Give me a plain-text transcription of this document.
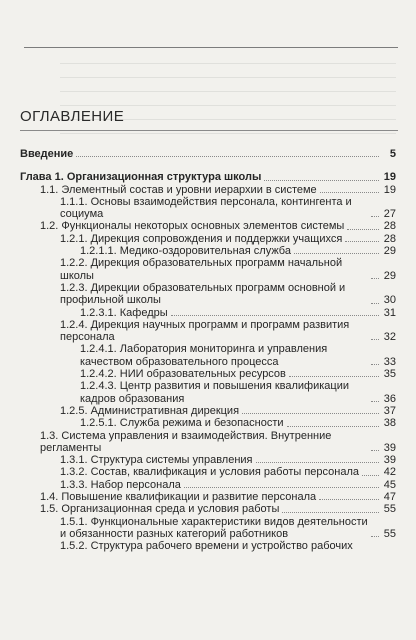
ОГЛАВЛЕНИЕ
Введение	5
Глава 1. Организационная структура школы	19
1.1. Элементный состав и уровни иерархии в системе	19
1.1.1. Основы взаимодействия персонала, контингента и социума	27
1.2. Функционалы некоторых основных элементов системы	28
1.2.1. Дирекция сопровождения и поддержки учащихся	28
1.2.1.1. Медико-оздоровительная служба	29
1.2.2. Дирекция образовательных программ начальной школы	29
1.2.3. Дирекции образовательных программ основной и профильной школы	30
1.2.3.1. Кафедры	31
1.2.4. Дирекция научных программ и программ развития персонала	32
1.2.4.1. Лаборатория мониторинга и управления качеством образовательного процесса	33
1.2.4.2. НИИ образовательных ресурсов	35
1.2.4.3. Центр развития и повышения квалификации кадров образования	36
1.2.5. Административная дирекция	37
1.2.5.1. Служба режима и безопасности	38
1.3. Система управления и взаимодействия. Внутренние регламенты	39
1.3.1. Структура системы управления	39
1.3.2. Состав, квалификация и условия работы персонала 42
1.3.3. Набор персонала	45
1.4. Повышение квалификации и развитие персонала	47
1.5. Организационная среда и условия работы	55
1.5.1. Функциональные характеристики видов деятельности и обязанности разных категорий работников	55
1.5.2. Структура рабочего времени и устройство рабочих
